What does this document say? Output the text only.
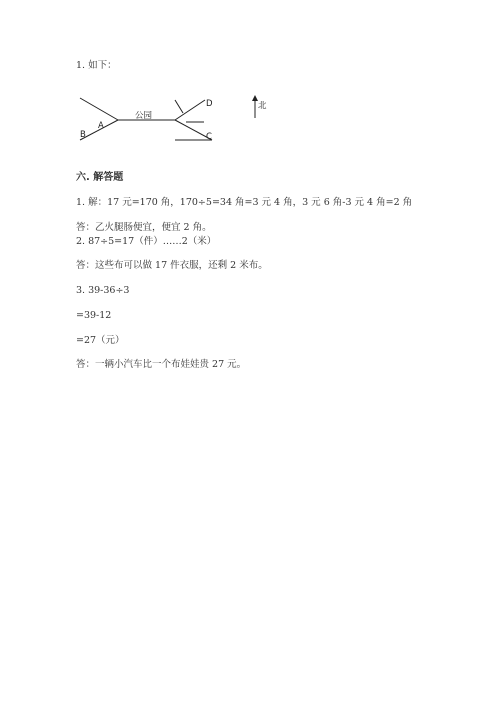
1. 如下：
公园
A
B	C
D	北
六. 解答题
1. 解：17 元=170 角，170÷5=34 角=3 元 4 角，3 元 6 角-3 元 4 角=2 角
答：乙火腿肠便宜，便宜 2 角。
2. 87÷5=17（件）……2（米）
答：这些布可以做 17 件衣服，还剩 2 米布。
3. 39-36÷3
=39-12
=27（元）
答：一辆小汽车比一个布娃娃贵 27 元。
